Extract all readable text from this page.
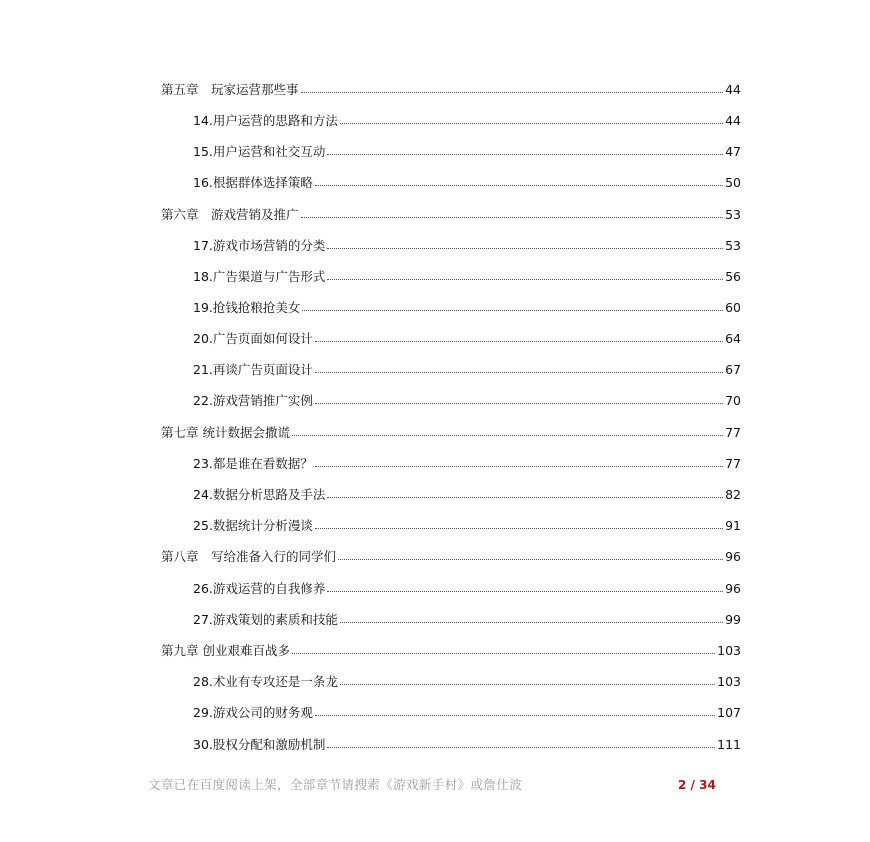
第五章　玩家运营那些事	44
14.用户运营的思路和方法	44
15.用户运营和社交互动	47
16.根据群体选择策略	50
第六章　游戏营销及推广	53
17.游戏市场营销的分类	53
18.广告渠道与广告形式	56
19.抢钱抢粮抢美女	60
20.广告页面如何设计	64
21.再谈广告页面设计	67
22.游戏营销推广实例	70
第七章 统计数据会撒谎	77
23.都是谁在看数据？	77
24.数据分析思路及手法	82
25.数据统计分析漫谈	91
第八章　写给准备入行的同学们	96
26.游戏运营的自我修养	96
27.游戏策划的素质和技能	99
第九章 创业艰难百战多	103
28.术业有专攻还是一条龙	103
29.游戏公司的财务观	107
30.股权分配和激励机制	111
文章已在百度阅读上架，全部章节请搜索《游戏新手村》或詹仕波	2 / 34
